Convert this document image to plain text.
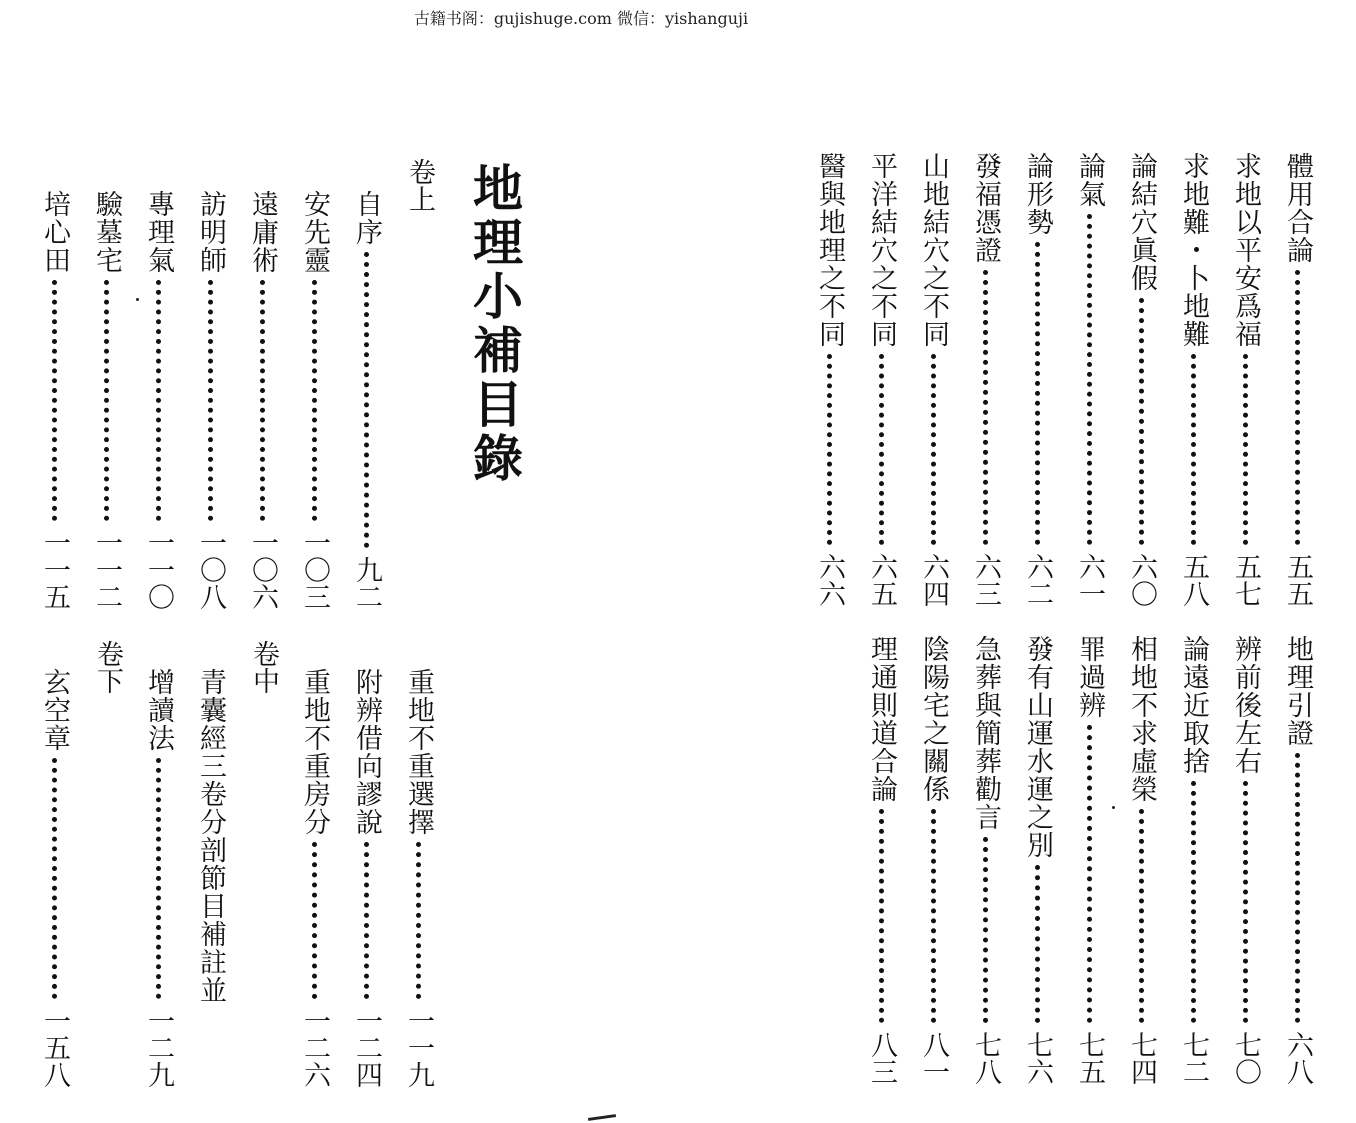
古籍书阁：gujishuge.com 微信：yishanguji
地理小補目錄
卷上
卷中
卷下
體用合論
五五
求地以平安爲福
五七
求地難・卜地難
五八
論結穴眞假
六〇
論氣
六一
論形勢
六二
發福憑證
六三
山地結穴之不同
六四
平洋結穴之不同
六五
醫與地理之不同
六六
地理引證
六八
辨前後左右
七〇
論遠近取捨
七二
相地不求虛榮
七四
罪過辨
七五
發有山運水運之別
七六
急葬與簡葬勸言
七八
陰陽宅之關係
八一
理通則道合論
八三
自序
九二
安先靈
一〇三
遠庸術
一〇六
訪明師
一〇八
專理氣
一一〇
驗墓宅
一一二
培心田
一一五
重地不重選擇
一一九
附辨借向謬說
一二四
重地不重房分
一二六
青囊經三卷分剖節目補註並
增讀法
一二九
玄空章
一五八
